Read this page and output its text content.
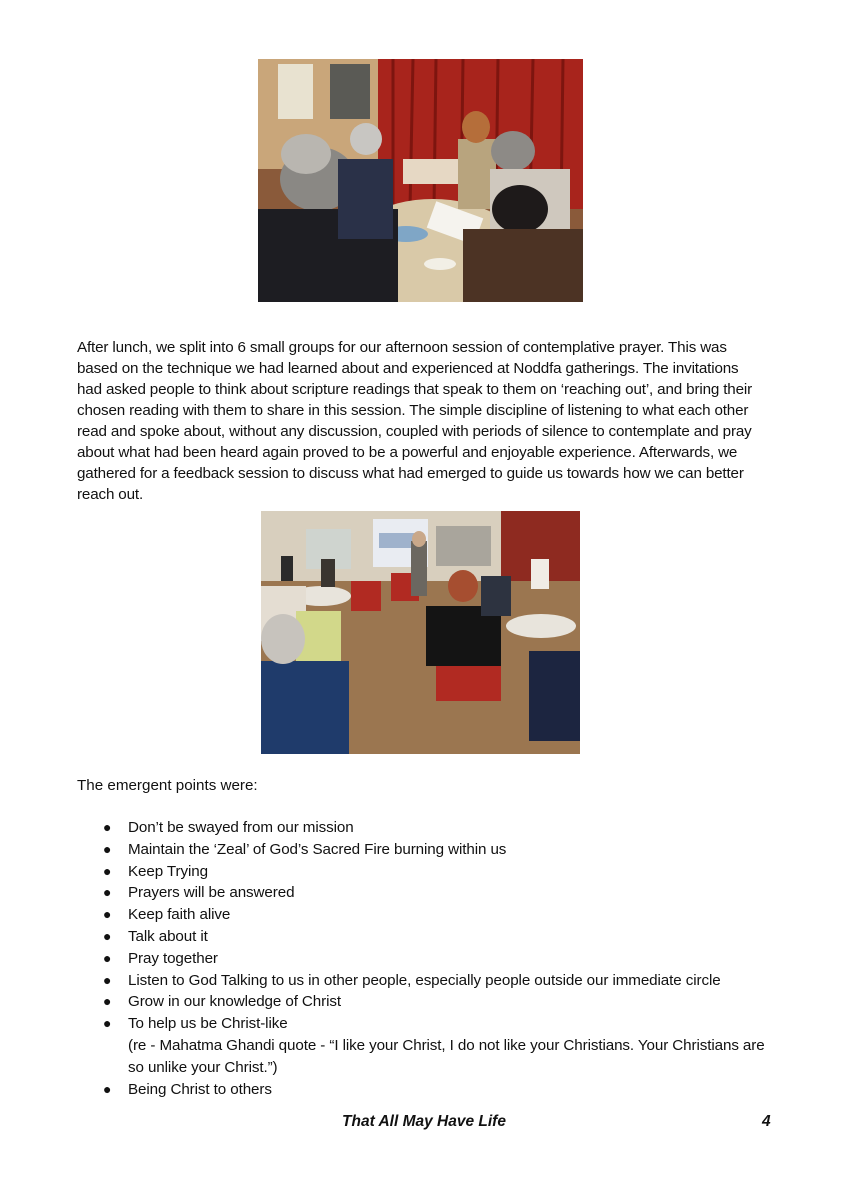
After lunch, we split into 6 small groups for our afternoon session of contemplative prayer. This was based on the technique we had learned about and experienced at Noddfa gatherings. The invitations had asked people to think about scripture readings that speak to them on ‘reaching out’, and bring their chosen reading with them to share in this session. The simple discipline of listening to what each other read and spoke about, without any discussion, coupled with periods of silence to contemplate and pray about what had been heard again proved to be a powerful and enjoyable experience. Afterwards, we gathered for a feedback session to discuss what had emerged to guide us towards how we can better reach out.

The emergent points were:
● Don’t be swayed from our mission
● Maintain the ‘Zeal’ of God’s Sacred Fire burning within us
● Keep Trying
● Prayers will be answered
● Keep faith alive
● Talk about it
● Pray together
● Listen to God Talking to us in other people, especially people outside our immediate circle
● Grow in our knowledge of Christ
● To help us be Christ-like
(re - Mahatma Ghandi quote - “I like your Christ, I do not like your Christians. Your Christians are so unlike your Christ.”)
● Being Christ to others
That All May Have Life	4
